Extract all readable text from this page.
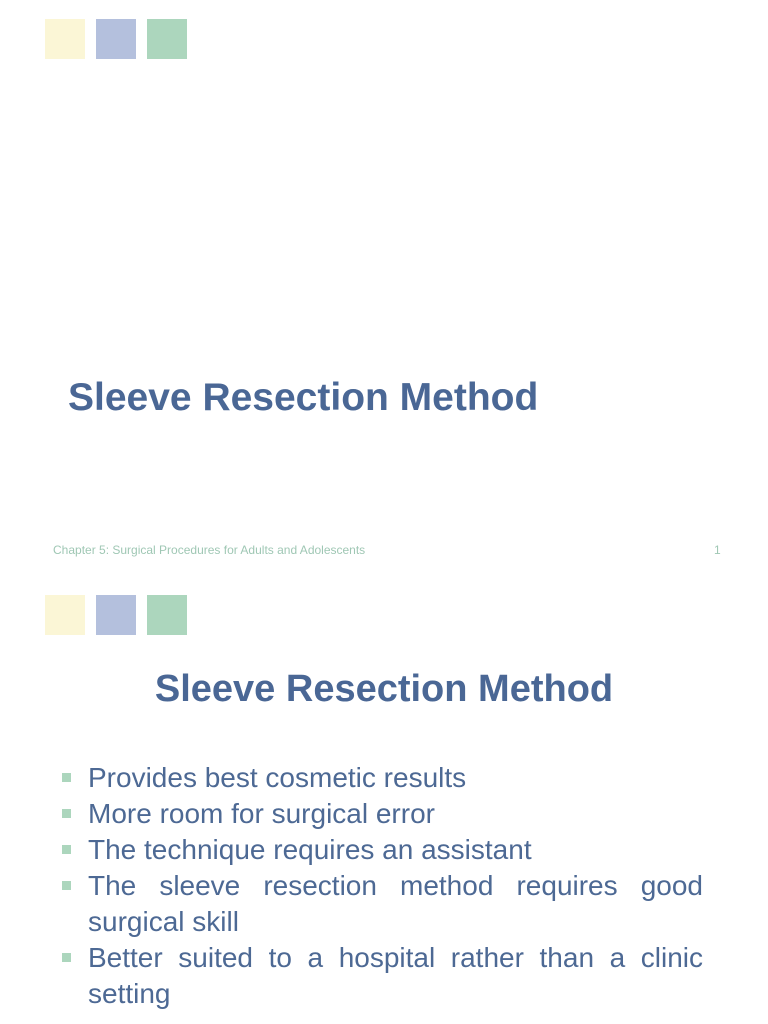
Sleeve Resection Method
Chapter 5: Surgical Procedures for Adults and Adolescents	1
Sleeve Resection Method
Provides best cosmetic results
More room for surgical error
The technique requires an assistant
The sleeve resection method requires good surgical skill
Better suited to a hospital rather than a clinic setting
